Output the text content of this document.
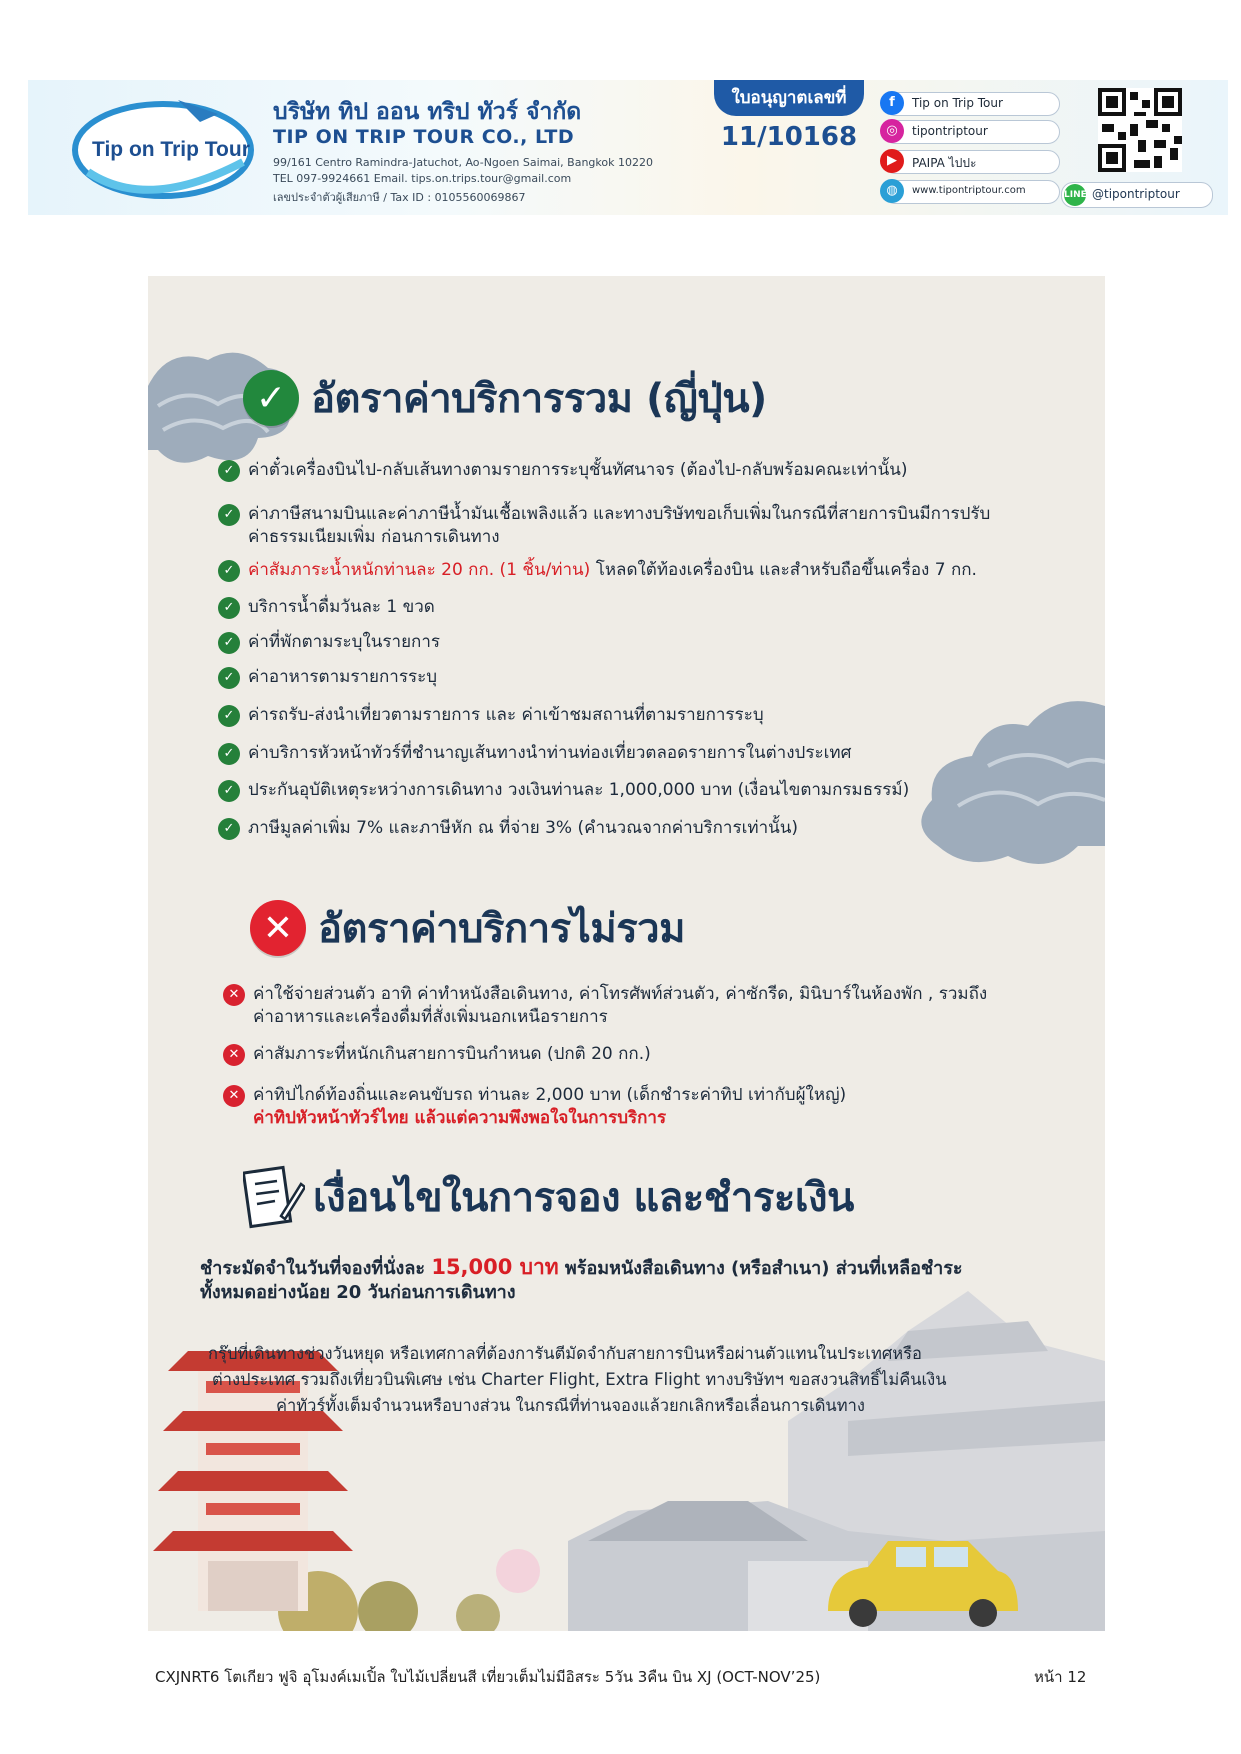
Tip on Trip Tour
บริษัท ทิป ออน ทริป ทัวร์ จำกัด
TIP ON TRIP TOUR CO., LTD
99/161 Centro Ramindra-Jatuchot, Ao-Ngoen Saimai, Bangkok 10220
TEL 097-9924661 Email. tips.on.trips.tour@gmail.com
เลขประจำตัวผู้เสียภาษี / Tax ID : 0105560069867
ใบอนุญาตเลขที่
11/10168
f	Tip on Trip Tour
◎	tipontriptour
▶	PAIPA ไปปะ
◍	www.tipontriptour.com	LINE @tipontriptour
✓ อัตราค่าบริการรวม (ญี่ปุ่น)
✓ ค่าตั๋วเครื่องบินไป-กลับเส้นทางตามรายการระบุชั้นทัศนาจร (ต้องไป-กลับพร้อมคณะเท่านั้น)
✓ ค่าภาษีสนามบินและค่าภาษีน้ำมันเชื้อเพลิงแล้ว และทางบริษัทขอเก็บเพิ่มในกรณีที่สายการบินมีการปรับ
ค่าธรรมเนียมเพิ่ม ก่อนการเดินทาง
✓ ค่าสัมภาระน้ำหนักท่านละ 20 กก. (1 ชิ้น/ท่าน) โหลดใต้ท้องเครื่องบิน และสำหรับถือขึ้นเครื่อง 7 กก.
✓ บริการน้ำดื่มวันละ 1 ขวด
✓ ค่าที่พักตามระบุในรายการ
✓ ค่าอาหารตามรายการระบุ
✓ ค่ารถรับ-ส่งนำเที่ยวตามรายการ และ ค่าเข้าชมสถานที่ตามรายการระบุ
✓ ค่าบริการหัวหน้าทัวร์ที่ชำนาญเส้นทางนำท่านท่องเที่ยวตลอดรายการในต่างประเทศ
✓ ประกันอุบัติเหตุระหว่างการเดินทาง วงเงินท่านละ 1,000,000 บาท (เงื่อนไขตามกรมธรรม์)
✓ ภาษีมูลค่าเพิ่ม 7% และภาษีหัก ณ ที่จ่าย 3% (คำนวณจากค่าบริการเท่านั้น)
✕ อัตราค่าบริการไม่รวม
✕ ค่าใช้จ่ายส่วนตัว อาทิ ค่าทำหนังสือเดินทาง, ค่าโทรศัพท์ส่วนตัว, ค่าซักรีด, มินิบาร์ในห้องพัก , รวมถึง
ค่าอาหารและเครื่องดื่มที่สั่งเพิ่มนอกเหนือรายการ
✕ ค่าสัมภาระที่หนักเกินสายการบินกำหนด (ปกติ 20 กก.)
✕ ค่าทิปไกด์ท้องถิ่นและคนขับรถ ท่านละ 2,000 บาท (เด็กชำระค่าทิป เท่ากับผู้ใหญ่)
ค่าทิปหัวหน้าทัวร์ไทย แล้วแต่ความพึงพอใจในการบริการ
เงื่อนไขในการจอง และชำระเงิน
ชำระมัดจำในวันที่จองที่นั่งละ 15,000 บาท พร้อมหนังสือเดินทาง (หรือสำเนา) ส่วนที่เหลือชำระ
ทั้งหมดอย่างน้อย 20 วันก่อนการเดินทาง
กรุ๊ปที่เดินทางช่วงวันหยุด หรือเทศกาลที่ต้องการันตีมัดจำกับสายการบินหรือผ่านตัวแทนในประเทศหรือ
ต่างประเทศ รวมถึงเที่ยวบินพิเศษ เช่น Charter Flight, Extra Flight ทางบริษัทฯ ขอสงวนสิทธิ์ไม่คืนเงิน
ค่าทัวร์ทั้งเต็มจำนวนหรือบางส่วน ในกรณีที่ท่านจองแล้วยกเลิกหรือเลื่อนการเดินทาง
CXJNRT6 โตเกียว ฟูจิ อุโมงค์เมเปิ้ล ใบไม้เปลี่ยนสี เที่ยวเต็มไม่มีอิสระ 5วัน 3คืน บิน XJ (OCT-NOV’25)	หน้า 12
